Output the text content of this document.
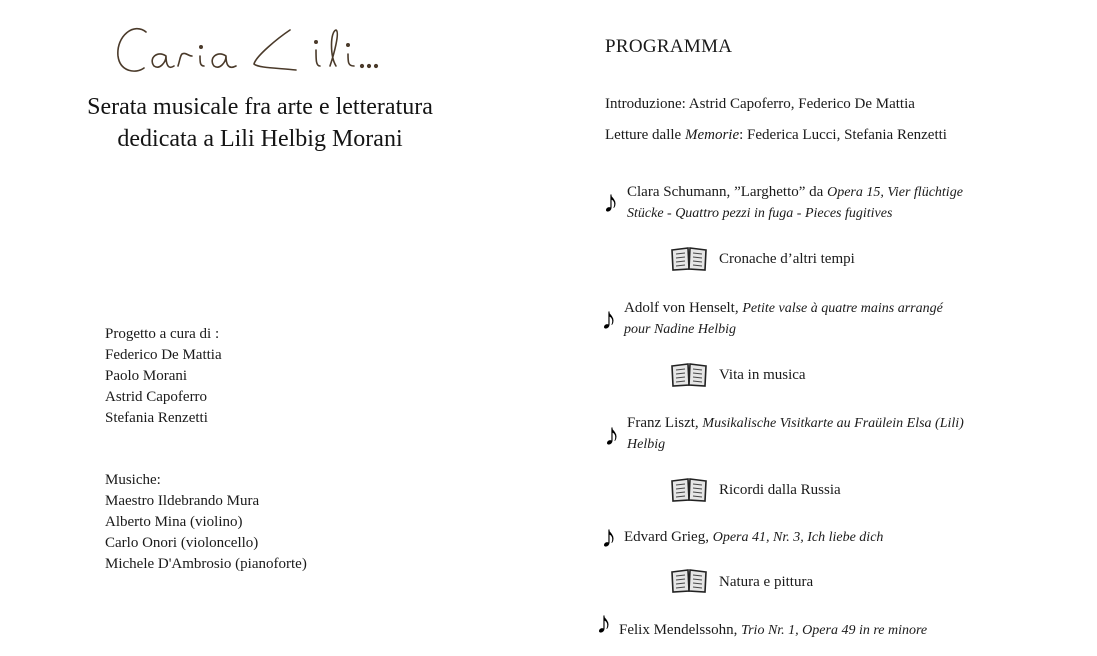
Serata musicale fra arte e letteratura
dedicata a Lili Helbig Morani
Progetto a cura di :
Federico De Mattia
Paolo Morani
Astrid Capoferro
Stefania Renzetti
Musiche:
Maestro Ildebrando Mura
Alberto Mina (violino)
Carlo Onori (violoncello)
Michele D'Ambrosio (pianoforte)
PROGRAMMA
Introduzione: Astrid Capoferro, Federico De Mattia
Letture dalle Memorie: Federica Lucci, Stefania Renzetti
♪ Clara Schumann, ”Larghetto” da Opera 15, Vier flüchtige
Stücke - Quattro pezzi in fuga - Pieces fugitives
Cronache d’altri tempi
♪ Adolf von Henselt, Petite valse à quatre mains arrangé
pour Nadine Helbig
Vita in musica
♪ Franz Liszt, Musikalische Visitkarte au Fraülein Elsa (Lili)
Helbig
Ricordi dalla Russia
♪ Edvard Grieg, Opera 41, Nr. 3, Ich liebe dich
Natura e pittura
♪ Felix Mendelssohn, Trio Nr. 1, Opera 49 in re minore
